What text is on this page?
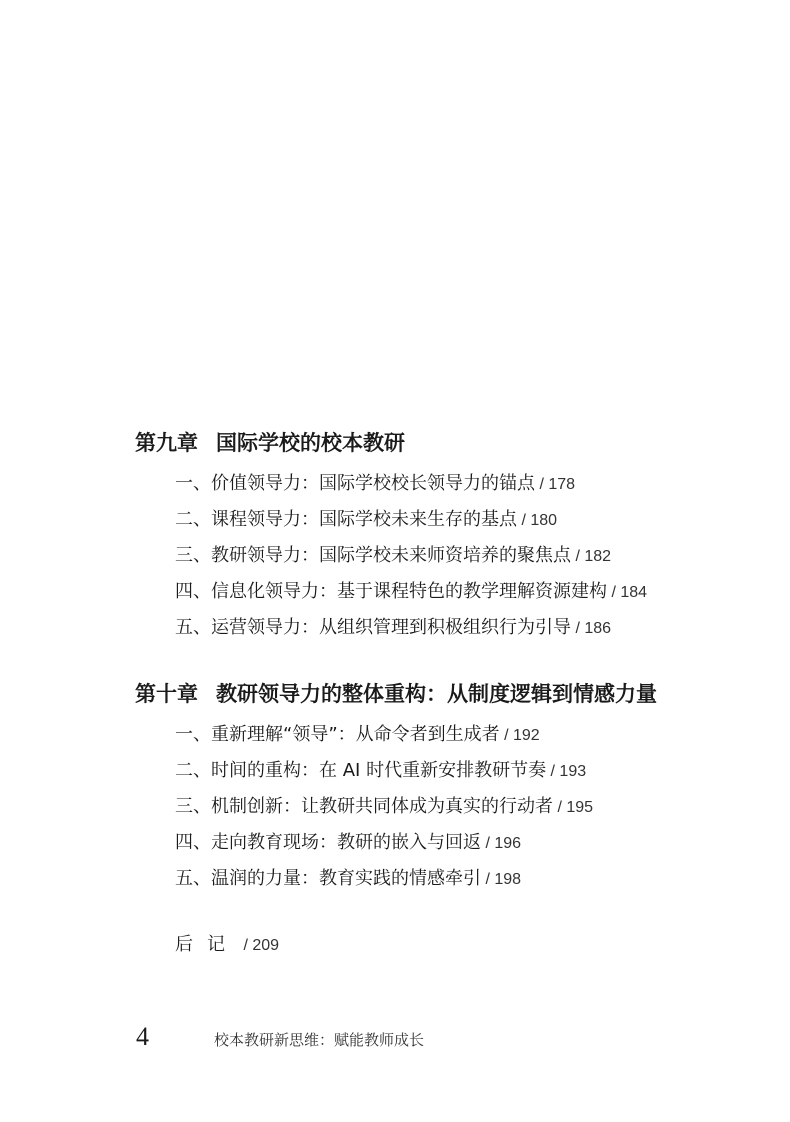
第九章 国际学校的校本教研
一、价值领导力：国际学校校长领导力的锚点 / 178
二、课程领导力：国际学校未来生存的基点 / 180
三、教研领导力：国际学校未来师资培养的聚焦点 / 182
四、信息化领导力：基于课程特色的教学理解资源建构 / 184
五、运营领导力：从组织管理到积极组织行为引导 / 186
第十章 教研领导力的整体重构：从制度逻辑到情感力量
一、重新理解“领导”：从命令者到生成者 / 192
二、时间的重构：在 AI 时代重新安排教研节奏 / 193
三、机制创新：让教研共同体成为真实的行动者 / 195
四、走向教育现场：教研的嵌入与回返 / 196
五、温润的力量：教育实践的情感牵引 / 198
后记 / 209
4	校本教研新思维：赋能教师成长
